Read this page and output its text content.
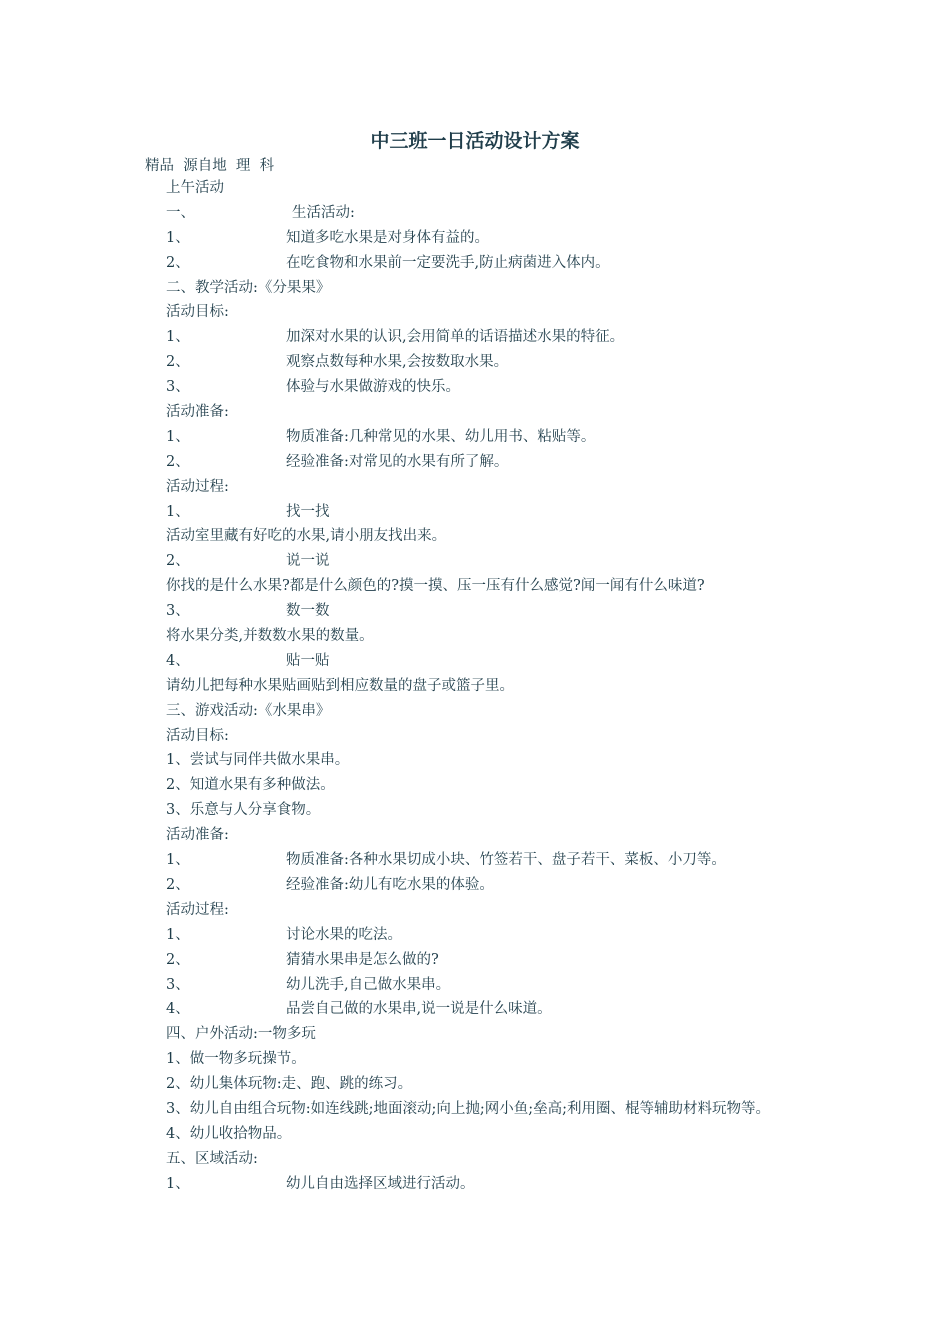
中三班一日活动设计方案
精品  源自地  理  科
上午活动
一、	生活活动:
1、	知道多吃水果是对身体有益的。
2、	在吃食物和水果前一定要洗手,防止病菌进入体内。
二、教学活动:《分果果》
活动目标:
1、	加深对水果的认识,会用简单的话语描述水果的特征。
2、	观察点数每种水果,会按数取水果。
3、	体验与水果做游戏的快乐。
活动准备:
1、	物质准备:几种常见的水果、幼儿用书、粘贴等。
2、	经验准备:对常见的水果有所了解。
活动过程:
1、	找一找
活动室里藏有好吃的水果,请小朋友找出来。
2、	说一说
你找的是什么水果?都是什么颜色的?摸一摸、压一压有什么感觉?闻一闻有什么味道?
3、	数一数
将水果分类,并数数水果的数量。
4、	贴一贴
请幼儿把每种水果贴画贴到相应数量的盘子或篮子里。
三、游戏活动:《水果串》
活动目标:
1、尝试与同伴共做水果串。
2、知道水果有多种做法。
3、乐意与人分享食物。
活动准备:
1、	物质准备:各种水果切成小块、竹签若干、盘子若干、菜板、小刀等。
2、	经验准备:幼儿有吃水果的体验。
活动过程:
1、	讨论水果的吃法。
2、	猜猜水果串是怎么做的?
3、	幼儿洗手,自己做水果串。
4、	品尝自己做的水果串,说一说是什么味道。
四、户外活动:一物多玩
1、做一物多玩操节。
2、幼儿集体玩物:走、跑、跳的练习。
3、幼儿自由组合玩物:如连线跳;地面滚动;向上抛;网小鱼;垒高;利用圈、棍等辅助材料玩物等。
4、幼儿收拾物品。
五、区域活动:
1、	幼儿自由选择区域进行活动。
